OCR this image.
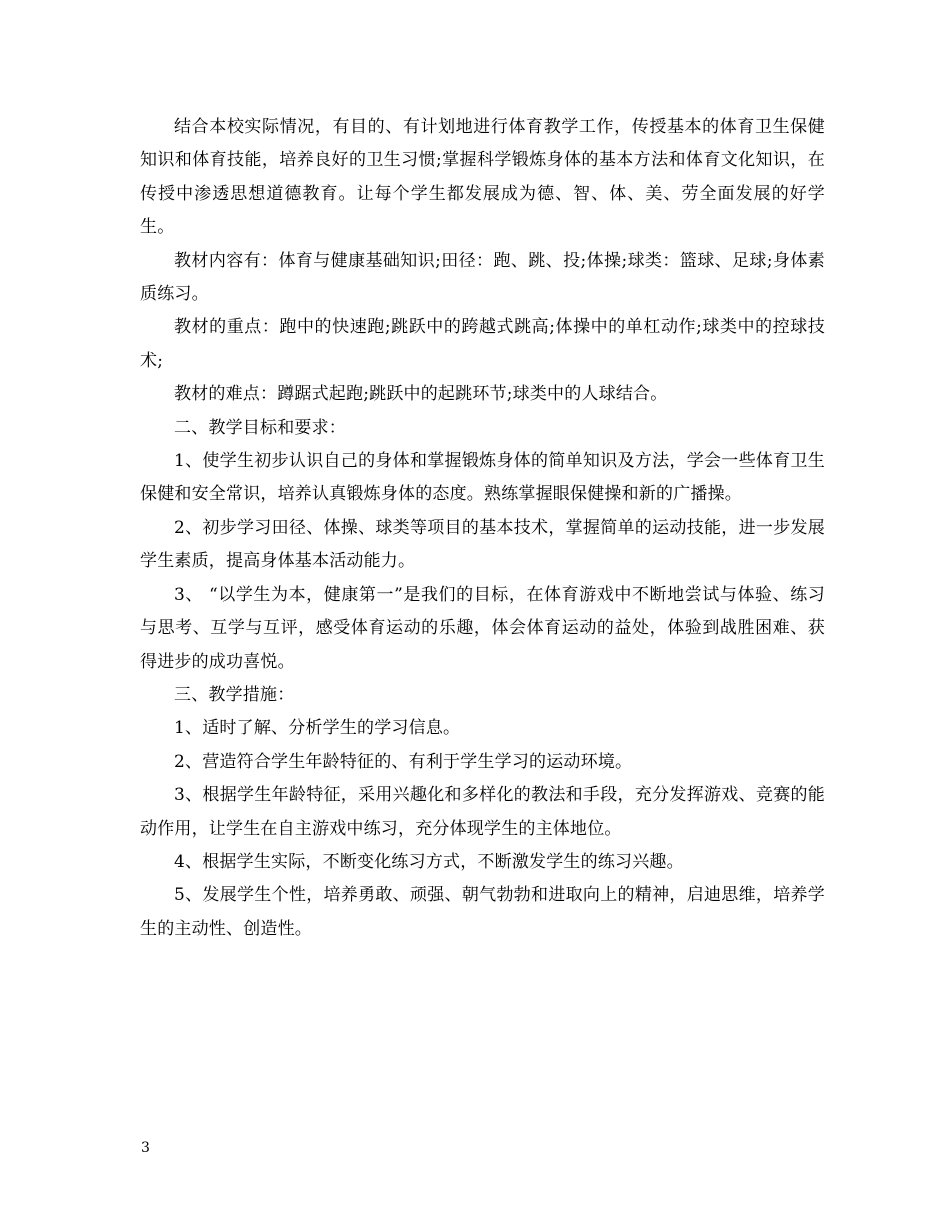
结合本校实际情况，有目的、有计划地进行体育教学工作，传授基本的体育卫生保健知识和体育技能，培养良好的卫生习惯;掌握科学锻炼身体的基本方法和体育文化知识，在传授中渗透思想道德教育。让每个学生都发展成为德、智、体、美、劳全面发展的好学生。

教材内容有：体育与健康基础知识;田径：跑、跳、投;体操;球类：篮球、足球;身体素质练习。

教材的重点：跑中的快速跑;跳跃中的跨越式跳高;体操中的单杠动作;球类中的控球技术;

教材的难点：蹲踞式起跑;跳跃中的起跳环节;球类中的人球结合。

二、教学目标和要求：

1、使学生初步认识自己的身体和掌握锻炼身体的简单知识及方法，学会一些体育卫生保健和安全常识，培养认真锻炼身体的态度。熟练掌握眼保健操和新的广播操。

2、初步学习田径、体操、球类等项目的基本技术，掌握简单的运动技能，进一步发展学生素质，提高身体基本活动能力。

3、 “以学生为本，健康第一”是我们的目标，在体育游戏中不断地尝试与体验、练习与思考、互学与互评，感受体育运动的乐趣，体会体育运动的益处，体验到战胜困难、获得进步的成功喜悦。

三、教学措施：

1、适时了解、分析学生的学习信息。

2、营造符合学生年龄特征的、有利于学生学习的运动环境。

3、根据学生年龄特征，采用兴趣化和多样化的教法和手段，充分发挥游戏、竞赛的能动作用，让学生在自主游戏中练习，充分体现学生的主体地位。

4、根据学生实际，不断变化练习方式，不断激发学生的练习兴趣。

5、发展学生个性，培养勇敢、顽强、朝气勃勃和进取向上的精神，启迪思维，培养学生的主动性、创造性。

3
